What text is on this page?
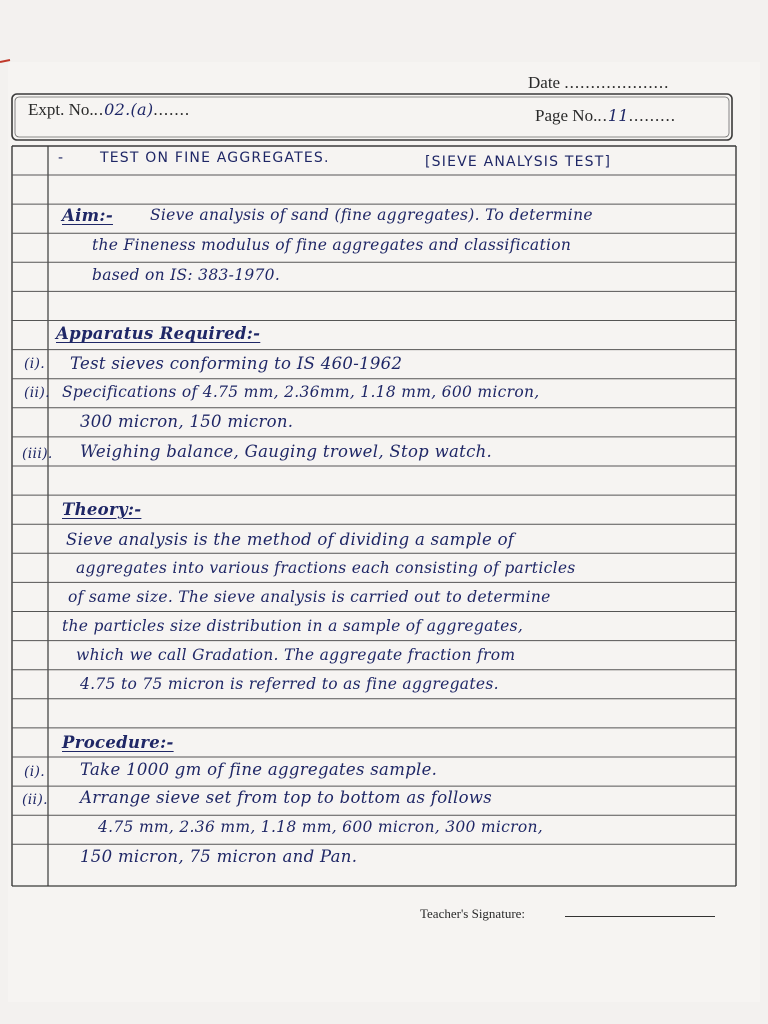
Date ....................
Expt. No...02.(a).......	Page No...11.........
-	TEST ON FINE AGGREGATES.	[SIEVE ANALYSIS TEST]
Aim:- Sieve analysis of sand (fine aggregates). To determine
the Fineness modulus of fine aggregates and classification
based on IS: 383-1970.
Apparatus Required:-
(i). Test sieves conforming to IS 460-1962
(ii). Specifications of 4.75 mm, 2.36mm, 1.18 mm, 600 micron,
300 micron, 150 micron.
(iii). Weighing balance, Gauging trowel, Stop watch.
Theory:-
Sieve analysis is the method of dividing a sample of
aggregates into various fractions each consisting of particles
of same size. The sieve analysis is carried out to determine
the particles size distribution in a sample of aggregates,
which we call Gradation. The aggregate fraction from
4.75 to 75 micron is referred to as fine aggregates.
Procedure:-
(i). Take 1000 gm of fine aggregates sample.
(ii). Arrange sieve set from top to bottom as follows
4.75 mm, 2.36 mm, 1.18 mm, 600 micron, 300 micron,
150 micron, 75 micron and Pan.
Teacher's Signature:
